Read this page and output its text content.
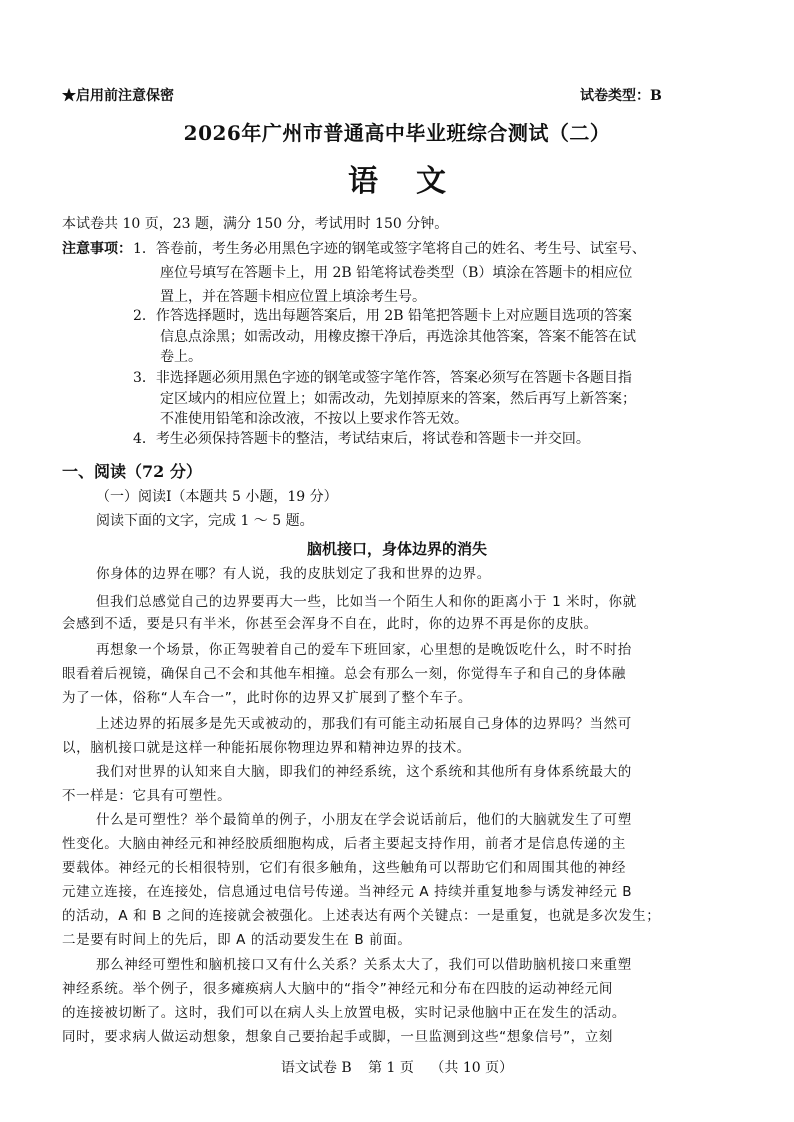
★启用前注意保密	试卷类型：B
2026年广州市普通高中毕业班综合测试（二）
语文
本试卷共 10 页，23 题，满分 150 分，考试用时 150 分钟。
注意事项： 1．答卷前，考生务必用黑色字迹的钢笔或签字笔将自己的姓名、考生号、试室号、
座位号填写在答题卡上，用 2B 铅笔将试卷类型（B）填涂在答题卡的相应位
置上，并在答题卡相应位置上填涂考生号。
2．作答选择题时，选出每题答案后，用 2B 铅笔把答题卡上对应题目选项的答案
信息点涂黑；如需改动，用橡皮擦干净后，再选涂其他答案，答案不能答在试
卷上。
3．非选择题必须用黑色字迹的钢笔或签字笔作答，答案必须写在答题卡各题目指
定区域内的相应位置上；如需改动，先划掉原来的答案，然后再写上新答案；
不准使用铅笔和涂改液，不按以上要求作答无效。
4．考生必须保持答题卡的整洁，考试结束后，将试卷和答题卡一并交回。
一、阅读（72 分）
（一）阅读Ⅰ（本题共 5 小题，19 分）
阅读下面的文字，完成 1 ～ 5 题。
脑机接口，身体边界的消失
你身体的边界在哪？有人说，我的皮肤划定了我和世界的边界。
但我们总感觉自己的边界要再大一些，比如当一个陌生人和你的距离小于 1 米时，你就
会感到不适，要是只有半米，你甚至会浑身不自在，此时，你的边界不再是你的皮肤。
再想象一个场景，你正驾驶着自己的爱车下班回家，心里想的是晚饭吃什么，时不时抬
眼看着后视镜，确保自己不会和其他车相撞。总会有那么一刻，你觉得车子和自己的身体融
为了一体，俗称“人车合一”，此时你的边界又扩展到了整个车子。
上述边界的拓展多是先天或被动的，那我们有可能主动拓展自己身体的边界吗？当然可
以，脑机接口就是这样一种能拓展你物理边界和精神边界的技术。
我们对世界的认知来自大脑，即我们的神经系统，这个系统和其他所有身体系统最大的
不一样是：它具有可塑性。
什么是可塑性？举个最简单的例子，小朋友在学会说话前后，他们的大脑就发生了可塑
性变化。大脑由神经元和神经胶质细胞构成，后者主要起支持作用，前者才是信息传递的主
要载体。神经元的长相很特别，它们有很多触角，这些触角可以帮助它们和周围其他的神经
元建立连接，在连接处，信息通过电信号传递。当神经元 A 持续并重复地参与诱发神经元 B
的活动，A 和 B 之间的连接就会被强化。上述表达有两个关键点：一是重复，也就是多次发生；
二是要有时间上的先后，即 A 的活动要发生在 B 前面。
那么神经可塑性和脑机接口又有什么关系？关系太大了，我们可以借助脑机接口来重塑
神经系统。举个例子，很多瘫痪病人大脑中的“指令”神经元和分布在四肢的运动神经元间
的连接被切断了。这时，我们可以在病人头上放置电极，实时记录他脑中正在发生的活动。
同时，要求病人做运动想象，想象自己要抬起手或脚，一旦监测到这些“想象信号”，立刻
语文试卷 B 第 1 页 （共 10 页）
